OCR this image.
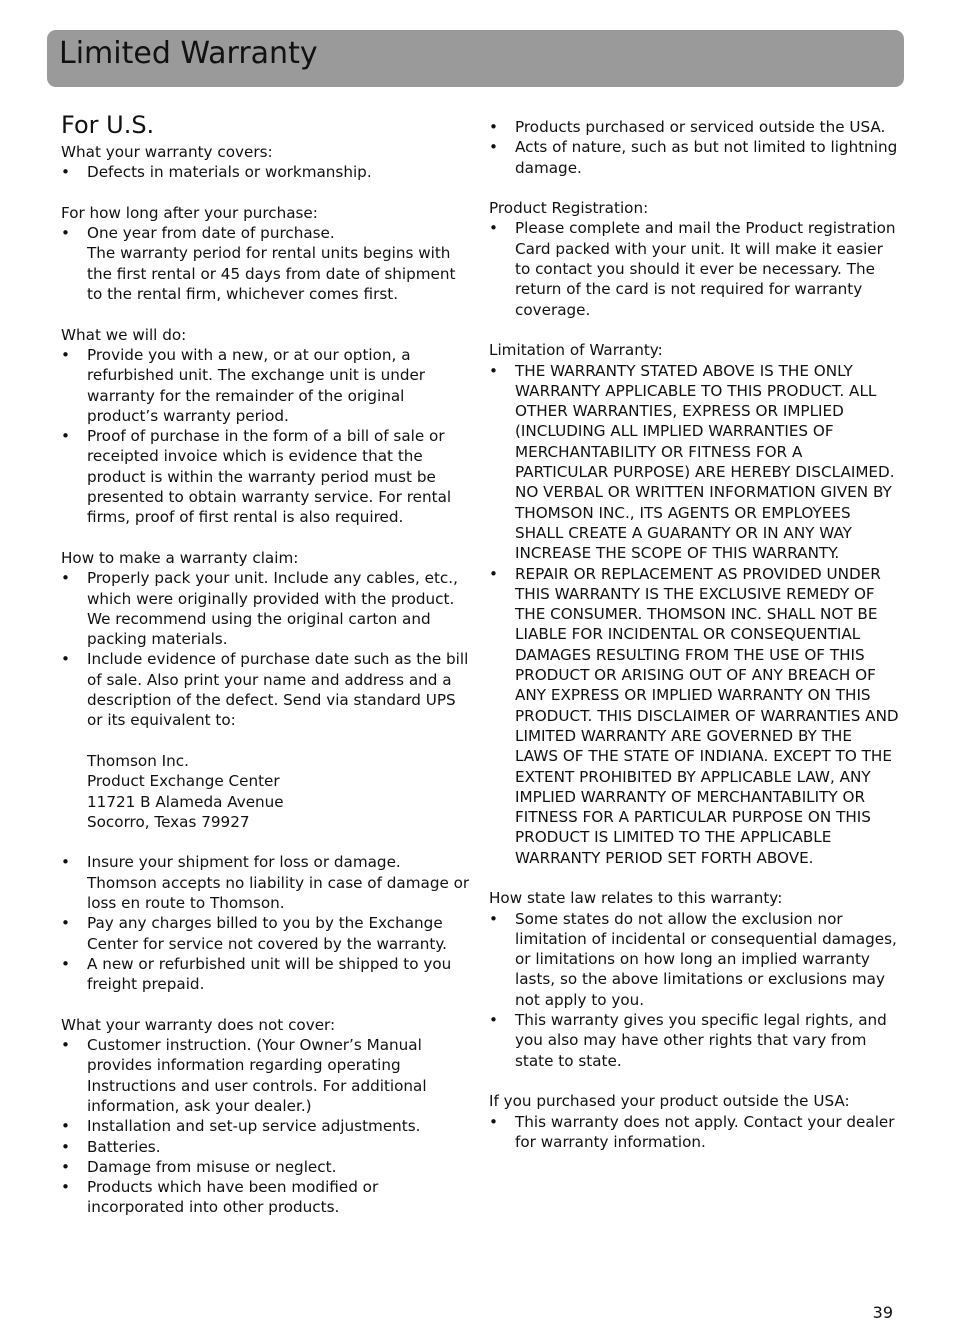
Limited Warranty
For U.S.
What your warranty covers:
• Defects in materials or workmanship.
For how long after your purchase:
• One year from date of purchase.
The warranty period for rental units begins with the first rental or 45 days from date of shipment to the rental firm, whichever comes first.
What we will do:
• Provide you with a new, or at our option, a refurbished unit. The exchange unit is under warranty for the remainder of the original product’s warranty period.
• Proof of purchase in the form of a bill of sale or receipted invoice which is evidence that the product is within the warranty period must be presented to obtain warranty service. For rental firms, proof of first rental is also required.
How to make a warranty claim:
• Properly pack your unit. Include any cables, etc., which were originally provided with the product. We recommend using the original carton and packing materials.
• Include evidence of purchase date such as the bill of sale. Also print your name and address and a description of the defect. Send via standard UPS or its equivalent to:
Thomson Inc.
Product Exchange Center
11721 B Alameda Avenue
Socorro, Texas 79927
• Insure your shipment for loss or damage. Thomson accepts no liability in case of damage or loss en route to Thomson.
• Pay any charges billed to you by the Exchange Center for service not covered by the warranty.
• A new or refurbished unit will be shipped to you freight prepaid.
What your warranty does not cover:
• Customer instruction. (Your Owner’s Manual provides information regarding operating Instructions and user controls. For additional information, ask your dealer.)
• Installation and set-up service adjustments.
• Batteries.
• Damage from misuse or neglect.
• Products which have been modified or incorporated into other products.
• Products purchased or serviced outside the USA.
• Acts of nature, such as but not limited to lightning damage.
Product Registration:
• Please complete and mail the Product registration Card packed with your unit. It will make it easier to contact you should it ever be necessary. The return of the card is not required for warranty coverage.
Limitation of Warranty:
• THE WARRANTY STATED ABOVE IS THE ONLY WARRANTY APPLICABLE TO THIS PRODUCT. ALL OTHER WARRANTIES, EXPRESS OR IMPLIED (INCLUDING ALL IMPLIED WARRANTIES OF MERCHANTABILITY OR FITNESS FOR A PARTICULAR PURPOSE) ARE HEREBY DISCLAIMED. NO VERBAL OR WRITTEN INFORMATION GIVEN BY THOMSON INC., ITS AGENTS OR EMPLOYEES SHALL CREATE A GUARANTY OR IN ANY WAY INCREASE THE SCOPE OF THIS WARRANTY.
• REPAIR OR REPLACEMENT AS PROVIDED UNDER THIS WARRANTY IS THE EXCLUSIVE REMEDY OF THE CONSUMER. THOMSON INC. SHALL NOT BE LIABLE FOR INCIDENTAL OR CONSEQUENTIAL DAMAGES RESULTING FROM THE USE OF THIS PRODUCT OR ARISING OUT OF ANY BREACH OF ANY EXPRESS OR IMPLIED WARRANTY ON THIS PRODUCT. THIS DISCLAIMER OF WARRANTIES AND LIMITED WARRANTY ARE GOVERNED BY THE LAWS OF THE STATE OF INDIANA. EXCEPT TO THE EXTENT PROHIBITED BY APPLICABLE LAW, ANY IMPLIED WARRANTY OF MERCHANTABILITY OR FITNESS FOR A PARTICULAR PURPOSE ON THIS PRODUCT IS LIMITED TO THE APPLICABLE WARRANTY PERIOD SET FORTH ABOVE.
How state law relates to this warranty:
• Some states do not allow the exclusion nor limitation of incidental or consequential damages, or limitations on how long an implied warranty lasts, so the above limitations or exclusions may not apply to you.
• This warranty gives you specific legal rights, and you also may have other rights that vary from state to state.
If you purchased your product outside the USA:
• This warranty does not apply. Contact your dealer for warranty information.
39
